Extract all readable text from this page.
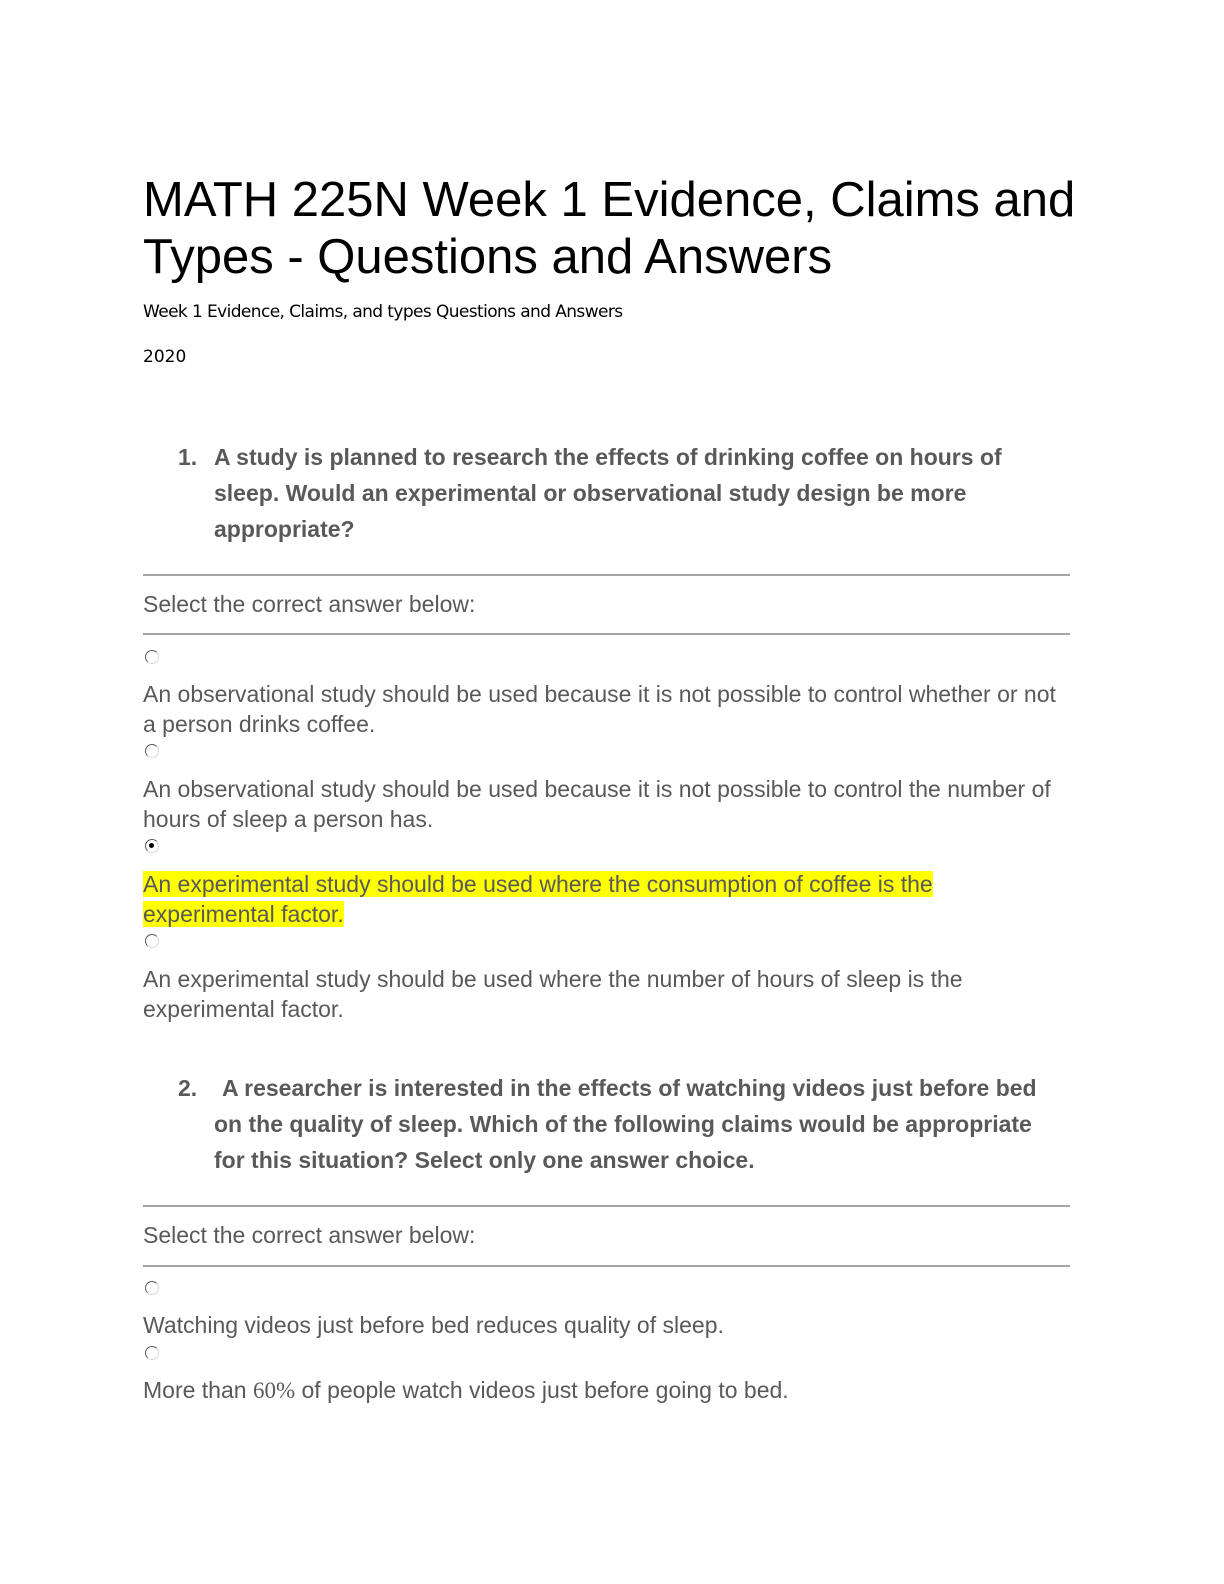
MATH 225N Week 1 Evidence, Claims and Types - Questions and Answers
Week 1 Evidence, Claims, and types Questions and Answers
2020
1. A study is planned to research the effects of drinking coffee on hours of sleep. Would an experimental or observational study design be more appropriate?
Select the correct answer below:

An observational study should be used because it is not possible to control whether or not a person drinks coffee.

An observational study should be used because it is not possible to control the number of hours of sleep a person has.

An experimental study should be used where the consumption of coffee is the experimental factor.

An experimental study should be used where the number of hours of sleep is the experimental factor.

2.	A researcher is interested in the effects of watching videos just before bed on the quality of sleep. Which of the following claims would be appropriate for this situation? Select only one answer choice.
Select the correct answer below:

Watching videos just before bed reduces quality of sleep.

More than 60% of people watch videos just before going to bed.
